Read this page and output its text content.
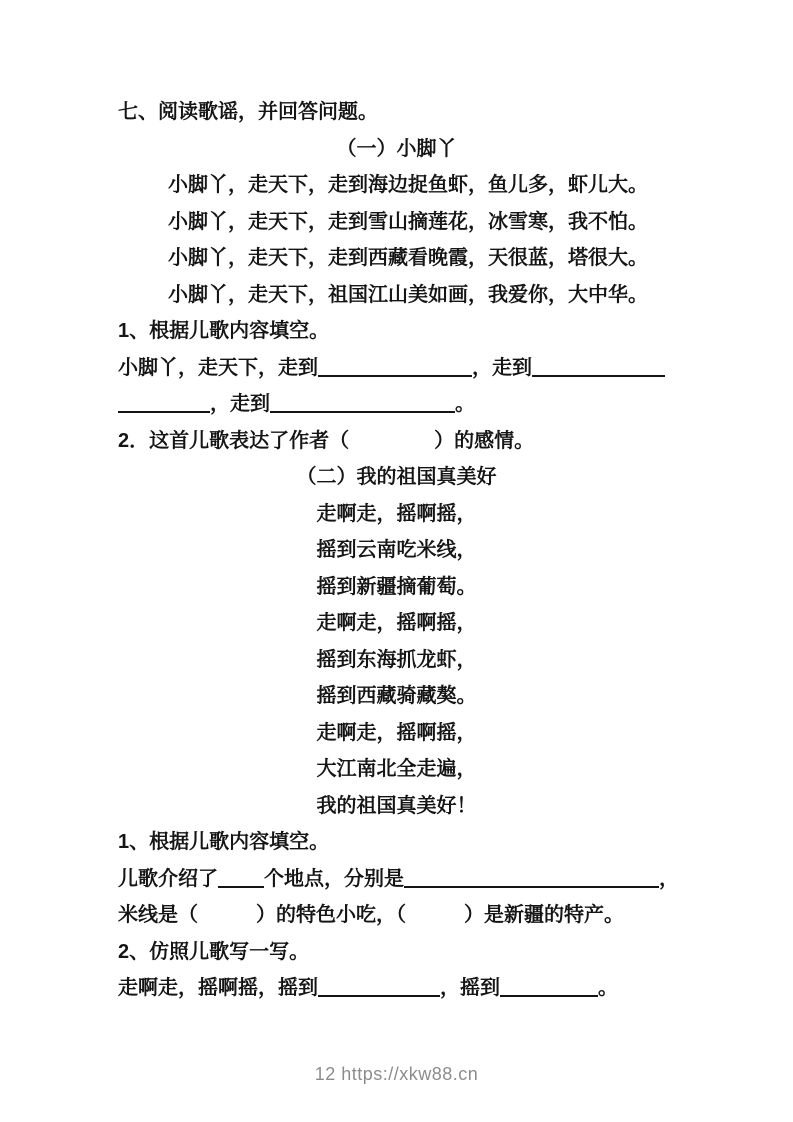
七、阅读歌谣，并回答问题。
（一）小脚丫
小脚丫，走天下，走到海边捉鱼虾，鱼儿多，虾儿大。
小脚丫，走天下，走到雪山摘莲花，冰雪寒，我不怕。
小脚丫，走天下，走到西藏看晚霞，天很蓝，塔很大。
小脚丫，走天下，祖国江山美如画，我爱你，大中华。
1、根据儿歌内容填空。
小脚丫，走天下，走到	，走到
，走到	。
2．这首儿歌表达了作者（	）的感情。
（二）我的祖国真美好
走啊走，摇啊摇，
摇到云南吃米线，
摇到新疆摘葡萄。
走啊走，摇啊摇，
摇到东海抓龙虾，
摇到西藏骑藏獒。
走啊走，摇啊摇，
大江南北全走遍，
我的祖国真美好！
1、根据儿歌内容填空。
儿歌介绍了 个地点，分别是	，
米线是（	）的特色小吃，（	）是新疆的特产。
2、仿照儿歌写一写。
走啊走，摇啊摇，摇到	，摇到	。
12 https://xkw88.cn
